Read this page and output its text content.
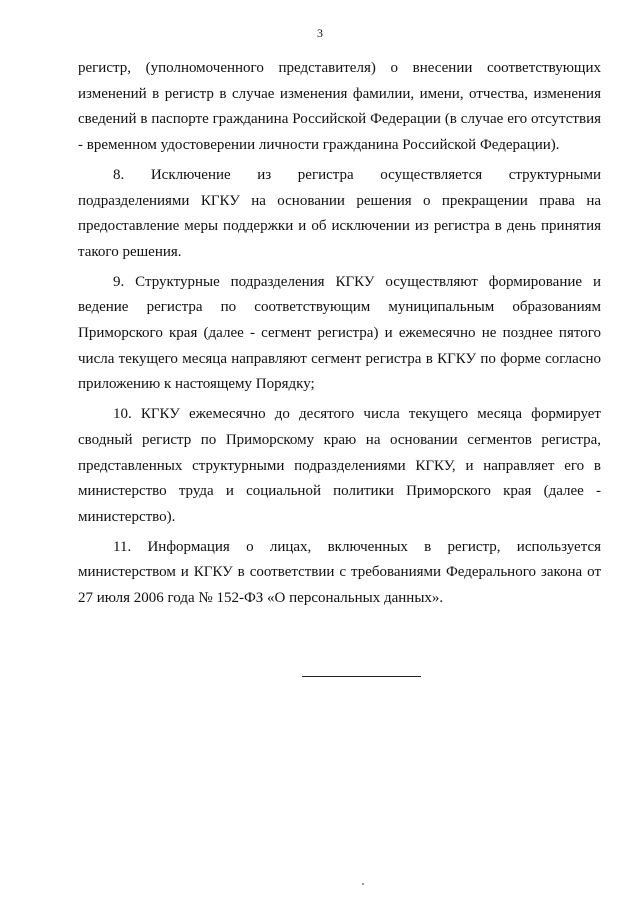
3

регистр, (уполномоченного представителя) о внесении соответствующих изменений в регистр в случае изменения фамилии, имени, отчества, изменения сведений в паспорте гражданина Российской Федерации (в случае его отсутствия - временном удостоверении личности гражданина Российской Федерации).

8. Исключение из регистра осуществляется структурными подразделениями КГКУ на основании решения о прекращении права на предоставление меры поддержки и об исключении из регистра в день принятия такого решения.

9. Структурные подразделения КГКУ осуществляют формирование и ведение регистра по соответствующим муниципальным образованиям Приморского края (далее - сегмент регистра) и ежемесячно не позднее пятого числа текущего месяца направляют сегмент регистра в КГКУ по форме согласно приложению к настоящему Порядку;

10. КГКУ ежемесячно до десятого числа текущего месяца формирует сводный регистр по Приморскому краю на основании сегментов регистра, представленных структурными подразделениями КГКУ, и направляет его в министерство труда и социальной политики Приморского края (далее - министерство).

11. Информация о лицах, включенных в регистр, используется министерством и КГКУ в соответствии с требованиями Федерального закона от 27 июля 2006 года № 152-ФЗ «О персональных данных».
